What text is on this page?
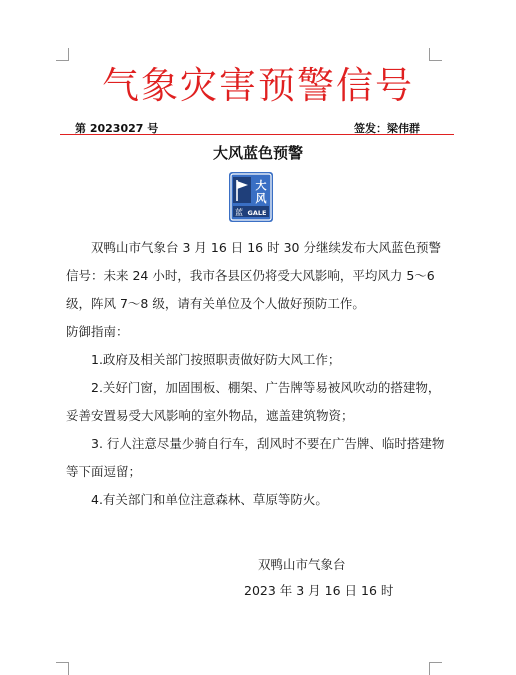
气象灾害预警信号
第 2023027 号	签发：梁伟群
大风蓝色预警
大
风
蓝 GALE

双鸭山市气象台 3 月 16 日 16 时 30 分继续发布大风蓝色预警信号：未来 24 小时，我市各县区仍将受大风影响，平均风力 5～6 级，阵风 7～8 级，请有关单位及个人做好预防工作。

防御指南：

1.政府及相关部门按照职责做好防大风工作；

2.关好门窗，加固围板、棚架、广告牌等易被风吹动的搭建物，妥善安置易受大风影响的室外物品，遮盖建筑物资；

3. 行人注意尽量少骑自行车，刮风时不要在广告牌、临时搭建物等下面逗留；

4.有关部门和单位注意森林、草原等防火。

双鸭山市气象台
2023 年 3 月 16 日 16 时
